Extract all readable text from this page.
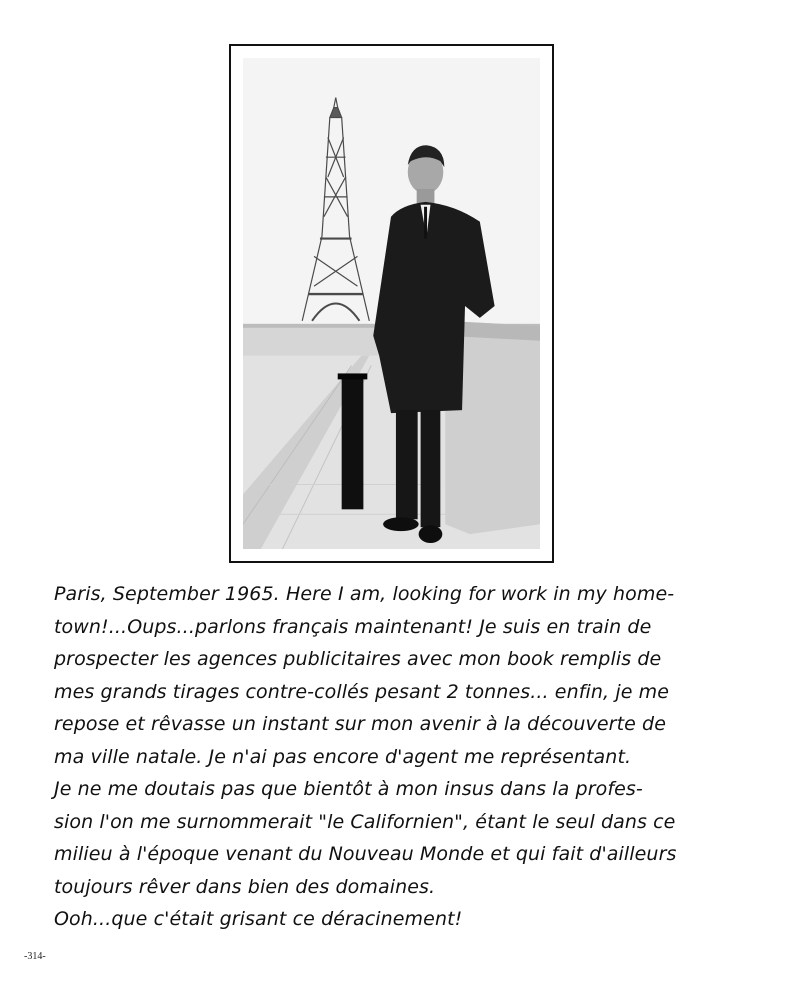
Paris, September 1965. Here I am, looking for work in my home-
town!...Oups...parlons français maintenant! Je suis en train de
prospecter les agences publicitaires avec mon book remplis de
mes grands tirages contre-collés pesant 2 tonnes... enfin, je me
repose et rêvasse un instant sur mon avenir à la découverte de
ma ville natale. Je n'ai pas encore d'agent me représentant.
Je ne me doutais pas que bientôt à mon insus dans la profes-
sion l'on me surnommerait "le Californien", étant le seul dans ce
milieu à l'époque venant du Nouveau Monde et qui fait d'ailleurs
toujours rêver dans bien des domaines.
Ooh...que c'était grisant ce déracinement!

-314-
